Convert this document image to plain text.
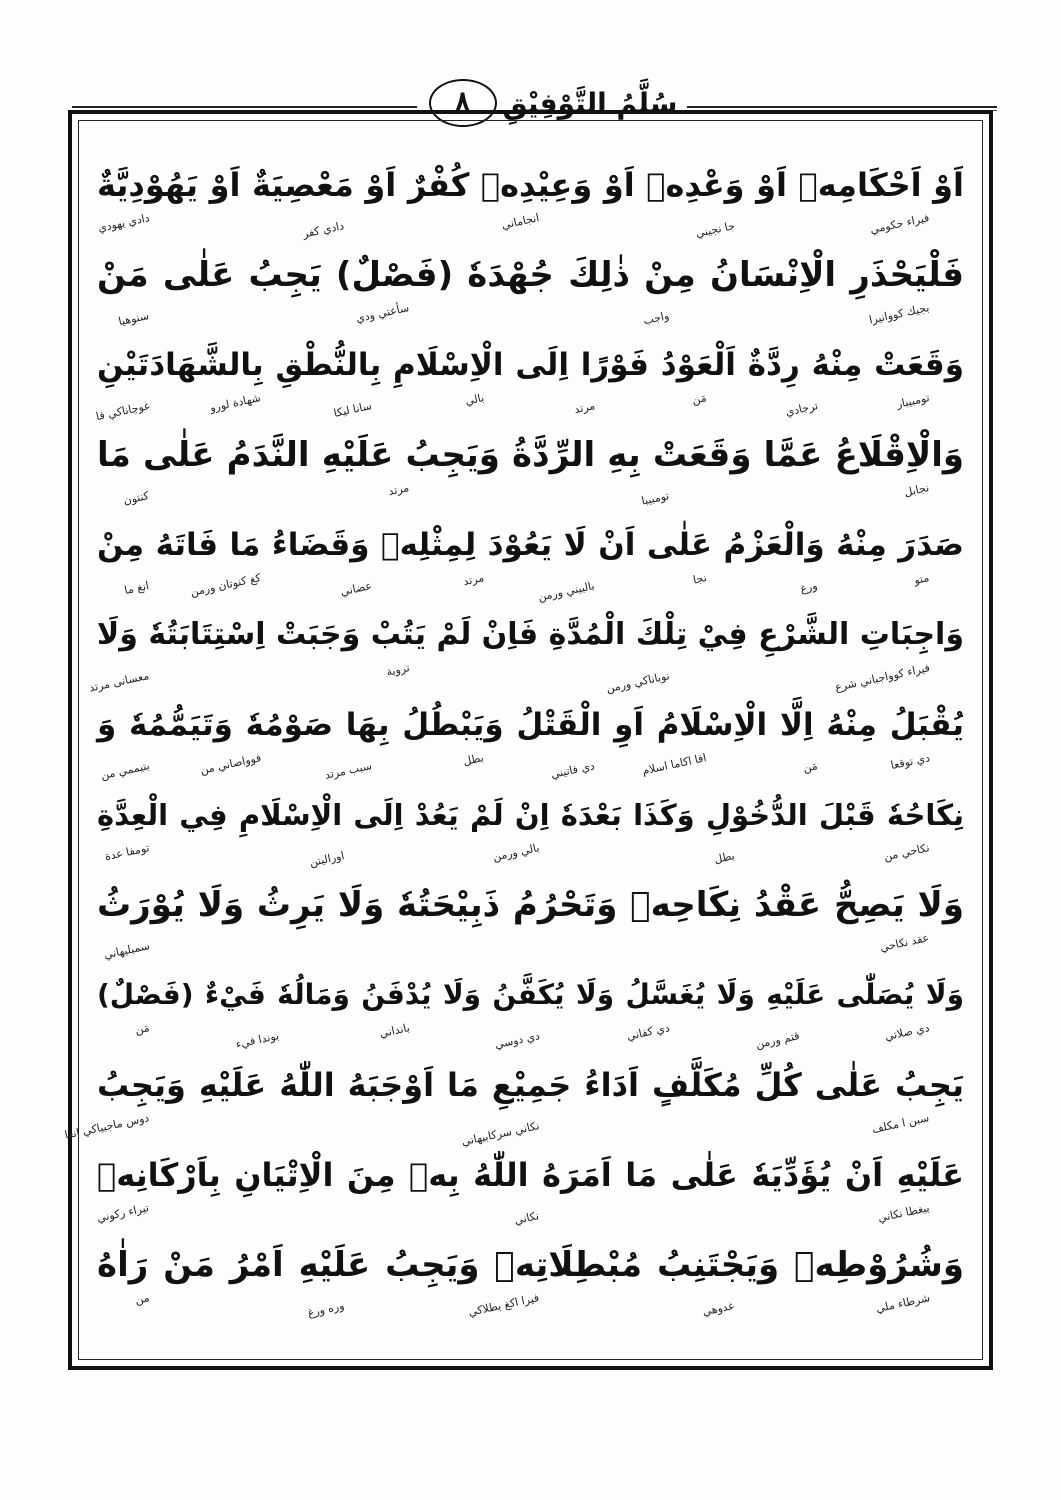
٨	سُلَّمُ التَّوْفِيْقِ
اَوْ اَحْكَامِهٖ اَوْ وَعْدِهٖ اَوْ وَعِيْدِهٖ كُفْرٌ اَوْ مَعْصِيَةٌ اَوْ يَهُوْدِيَّةٌ
فيراء حكومي
جا نجيني
انجاماني
دادي كفر
دادي يهودي
فَلْيَحْذَرِ الْاِنْسَانُ مِنْ ذٰلِكَ جُهْدَهٗ (فَصْلٌ) يَجِبُ عَلٰى مَنْ
بجيك كووانيرا
واجب
سأعتي ودي
سنوهيا
وَقَعَتْ مِنْهُ رِدَّةٌ اَلْعَوْدُ فَوْرًا اِلَى الْاِسْلَامِ بِالنُّطْقِ بِالشَّهَادَتَيْنِ
تومبيبار
ترجادي
مَن
مرتد
بالي
سانا ليكا
شهادة لورو
غوچاناكي فا
وَالْاِقْلَاعُ عَمَّا وَقَعَتْ بِهِ الرِّدَّةُ وَيَجِبُ عَلَيْهِ النَّدَمُ عَلٰى مَا
نجابل
تومبيبا
مرتد
كنتون
صَدَرَ مِنْهُ وَالْعَزْمُ عَلٰى اَنْ لَا يَعُوْدَ لِمِثْلِهٖ وَقَضَاءُ مَا فَاتَهُ مِنْ
متو
ورغ
نجا
بالبيني ورمن
مرتد
عضاني
كغ كنوتان ورمن
انغ ما
وَاجِبَاتِ الشَّرْعِ فِيْ تِلْكَ الْمُدَّةِ فَاِنْ لَمْ يَتُبْ وَجَبَتْ اِسْتِتَابَتُهٗ وَلَا
فيراء كوواجباني شرع
نوباناكي ورمن
تروبة
معسانى مرتد
يُقْبَلُ مِنْهُ اِلَّا الْاِسْلَامُ اَوِ الْقَتْلُ وَيَبْطُلُ بِهَا صَوْمُهٗ وَتَيَمُّمُهٗ وَ
دي توقعا
مَن
افا اكاما اسلام
دي فاتيني
بطل
سبب مرتد
فوواصاني من
بتيممي من
نِكَاحُهٗ قَبْلَ الدُّخُوْلِ وَكَذَا بَعْدَهٗ اِنْ لَمْ يَعُدْ اِلَى الْاِسْلَامِ فِي الْعِدَّةِ
نكاحي من
بطل
بالي ورمن
اوراليتن
تومفا عدة
وَلَا يَصِحُّ عَقْدُ نِكَاحِهٖ وَتَحْرُمُ ذَبِيْحَتُهٗ وَلَا يَرِثُ وَلَا يُوْرَثُ
عقد نكاحي
سمبليهاني
وَلَا يُصَلّٰى عَلَيْهِ وَلَا يُغَسَّلُ وَلَا يُكَفَّنُ وَلَا يُدْفَنُ وَمَالُهٗ فَيْءٌ (فَصْلٌ)
دي صلاتي
قتم ورمن
دي كفاني
دي دوسي
بانداني
بوندا فيء
مَن
يَجِبُ عَلٰى كُلِّ مُكَلَّفٍ اَدَاءُ جَمِيْعِ مَا اَوْجَبَهُ اللّٰهُ عَلَيْهِ وَيَجِبُ
سبن ا مكلف
نكاني سركابيهاني
دوس ماجبياكي انغا
عَلَيْهِ اَنْ يُؤَدِّيَهٗ عَلٰى مَا اَمَرَهُ اللّٰهُ بِهٖ مِنَ الْاِتْيَانِ بِاَرْكَانِهٖ
ييغطا نكاني
نكاني
تيراء ركوني
وَشُرُوْطِهٖ وَيَجْتَنِبُ مُبْطِلَاتِهٖ وَيَجِبُ عَلَيْهِ اَمْرُ مَنْ رَاٰهُ
شرطاء ملي
غدوهي
فيرا اكغ بطلاكي
وره ورغ
من
